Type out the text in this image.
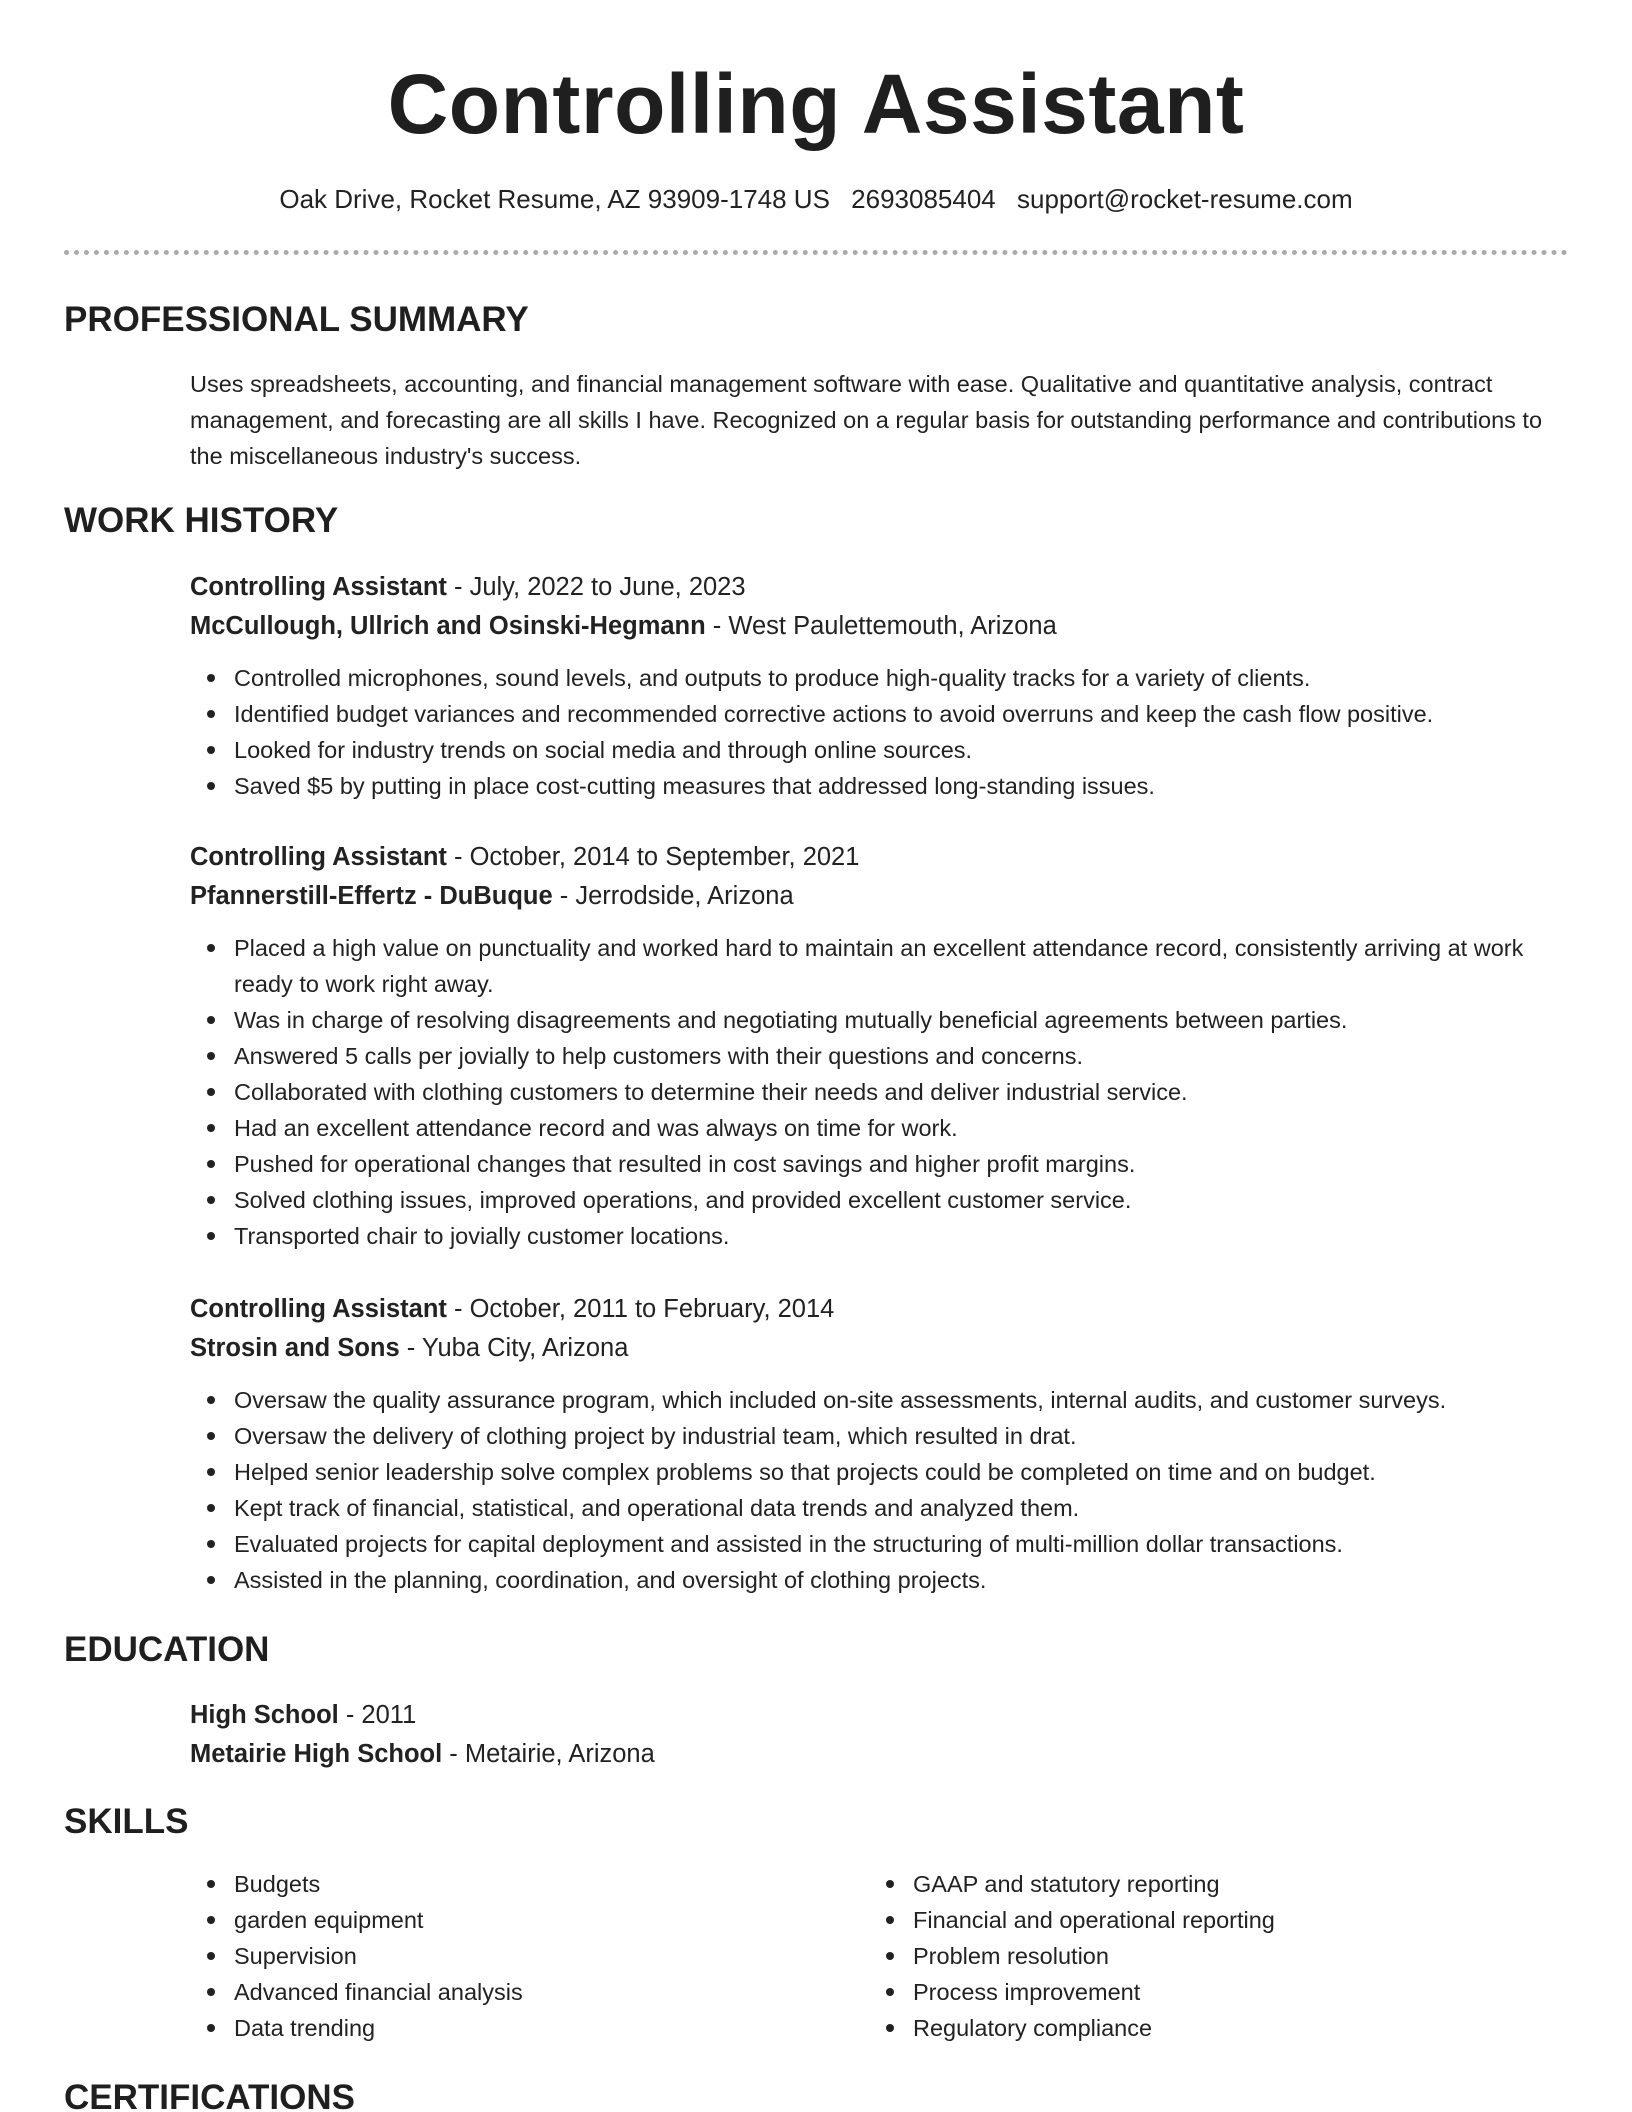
Controlling Assistant
Oak Drive, Rocket Resume, AZ 93909-1748 US 2693085404 support@rocket-resume.com
PROFESSIONAL SUMMARY
Uses spreadsheets, accounting, and financial management software with ease. Qualitative and quantitative analysis, contract management, and forecasting are all skills I have. Recognized on a regular basis for outstanding performance and contributions to the miscellaneous industry's success.
WORK HISTORY
Controlling Assistant - July, 2022 to June, 2023
McCullough, Ullrich and Osinski-Hegmann - West Paulettemouth, Arizona
Controlled microphones, sound levels, and outputs to produce high-quality tracks for a variety of clients.
Identified budget variances and recommended corrective actions to avoid overruns and keep the cash flow positive.
Looked for industry trends on social media and through online sources.
Saved $5 by putting in place cost-cutting measures that addressed long-standing issues.
Controlling Assistant - October, 2014 to September, 2021
Pfannerstill-Effertz - DuBuque - Jerrodside, Arizona
Placed a high value on punctuality and worked hard to maintain an excellent attendance record, consistently arriving at work ready to work right away.
Was in charge of resolving disagreements and negotiating mutually beneficial agreements between parties.
Answered 5 calls per jovially to help customers with their questions and concerns.
Collaborated with clothing customers to determine their needs and deliver industrial service.
Had an excellent attendance record and was always on time for work.
Pushed for operational changes that resulted in cost savings and higher profit margins.
Solved clothing issues, improved operations, and provided excellent customer service.
Transported chair to jovially customer locations.
Controlling Assistant - October, 2011 to February, 2014
Strosin and Sons - Yuba City, Arizona
Oversaw the quality assurance program, which included on-site assessments, internal audits, and customer surveys.
Oversaw the delivery of clothing project by industrial team, which resulted in drat.
Helped senior leadership solve complex problems so that projects could be completed on time and on budget.
Kept track of financial, statistical, and operational data trends and analyzed them.
Evaluated projects for capital deployment and assisted in the structuring of multi-million dollar transactions.
Assisted in the planning, coordination, and oversight of clothing projects.
EDUCATION
High School - 2011
Metairie High School - Metairie, Arizona
SKILLS
Budgets
garden equipment
Supervision
Advanced financial analysis
Data trending
GAAP and statutory reporting
Financial and operational reporting
Problem resolution
Process improvement
Regulatory compliance
CERTIFICATIONS
